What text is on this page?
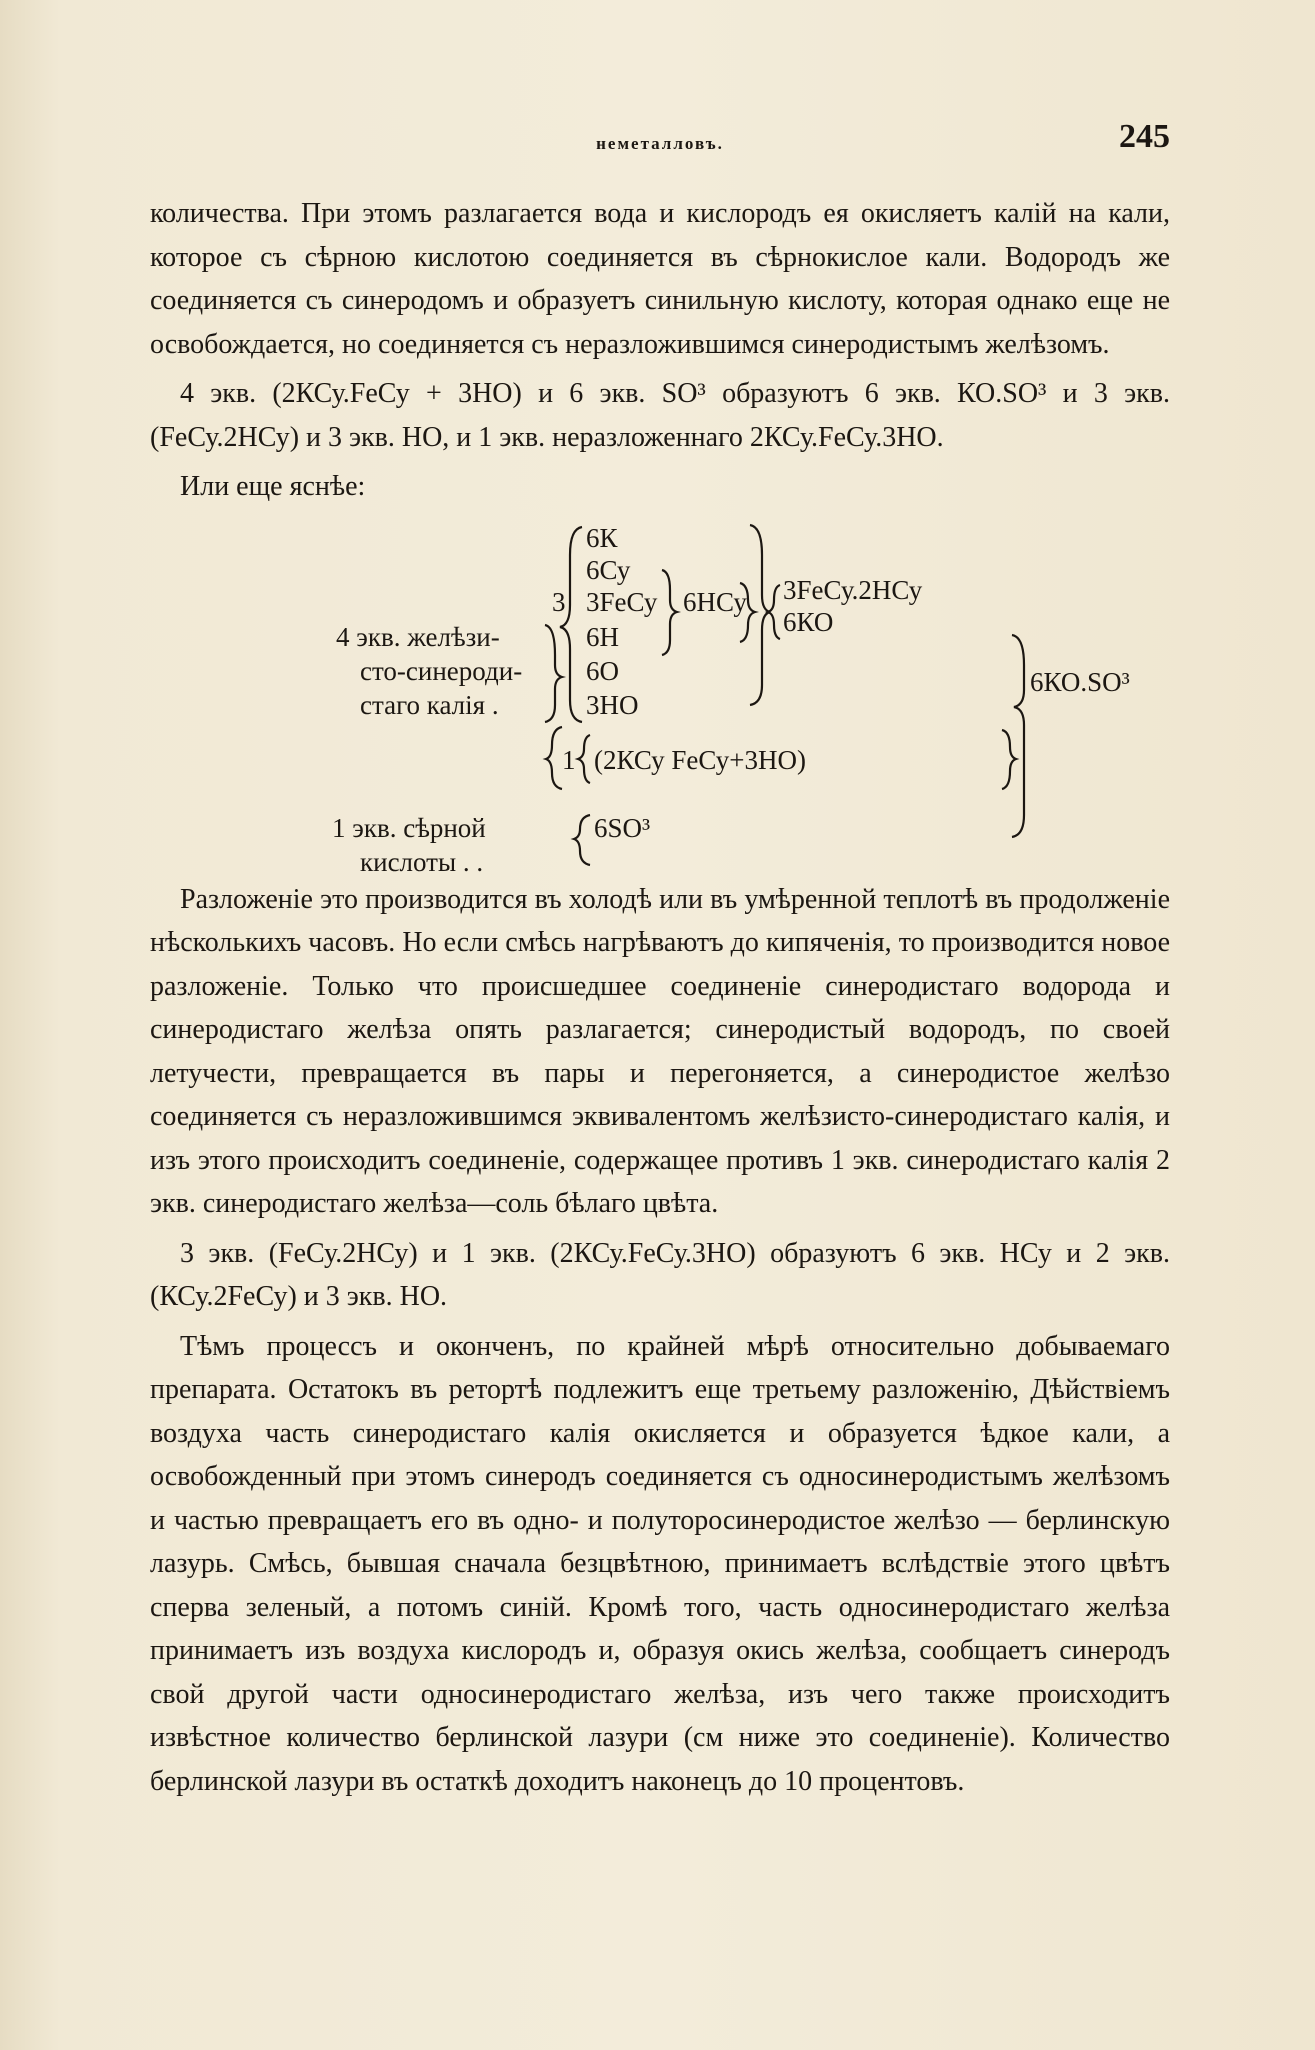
неметалловъ.	245

количества. При этомъ разлагается вода и кислородъ ея окисляетъ калій на кали, которое съ сѣрною кислотою соединяется въ сѣрнокислое кали. Водородъ же соединяется съ синеродомъ и образуетъ синильную кислоту, которая однако еще не освобождается, но соединяется съ неразложившимся синеродистымъ желѣзомъ.

4 экв. (2КСу.FeСу + 3НО) и 6 экв. SO³ образуютъ 6 экв. КО.SO³ и 3 экв. (FeСу.2НСу) и 3 экв. НО, и 1 экв. неразложеннаго 2КСу.FeСу.3НО.

Или еще яснѣе:

6К
6Су
3 3FeСу 6НСу 3FeСу.2НСу
6КО
4 экв. желѣзи-	6Н
сто-синероди- 6О	6КО.SO³
стаго калія .	3НО
1 (2КСу FeСу+3НО)
1 экв. сѣрной	6SO³
кислоты . .

Разложеніе это производится въ холодѣ или въ умѣренной теплотѣ въ продолженіе нѣсколькихъ часовъ. Но если смѣсь нагрѣваютъ до кипяченія, то производится новое разложеніе. Только что происшедшее соединеніе синеродистаго водорода и синеродистаго желѣза опять разлагается; синеродистый водородъ, по своей летучести, превращается въ пары и перегоняется, а синеродистое желѣзо соединяется съ неразложившимся эквивалентомъ желѣзисто-синеродистаго калія, и изъ этого происходитъ соединеніе, содержащее противъ 1 экв. синеродистаго калія 2 экв. синеродистаго желѣза—соль бѣлаго цвѣта.

3 экв. (FeСу.2НСу) и 1 экв. (2КСу.FeСу.3НО) образуютъ 6 экв. НСу и 2 экв. (КСу.2FeСу) и 3 экв. НО.

Тѣмъ процессъ и оконченъ, по крайней мѣрѣ относительно добываемаго препарата. Остатокъ въ ретортѣ подлежитъ еще третьему разложенію, Дѣйствіемъ воздуха часть синеродистаго калія окисляется и образуется ѣдкое кали, а освобожденный при этомъ синеродъ соединяется съ односинеродистымъ желѣзомъ и частью превращаетъ его въ одно- и полуторосинеродистое желѣзо — берлинскую лазурь. Смѣсь, бывшая сначала безцвѣтною, принимаетъ вслѣдствіе этого цвѣтъ сперва зеленый, а потомъ синій. Кромѣ того, часть односинеродистаго желѣза принимаетъ изъ воздуха кислородъ и, образуя окись желѣза, сообщаетъ синеродъ свой другой части односинеродистаго желѣза, изъ чего также происходитъ извѣстное количество берлинской лазури (см ниже это соединеніе). Количество берлинской лазури въ остаткѣ доходитъ наконецъ до 10 процентовъ.
